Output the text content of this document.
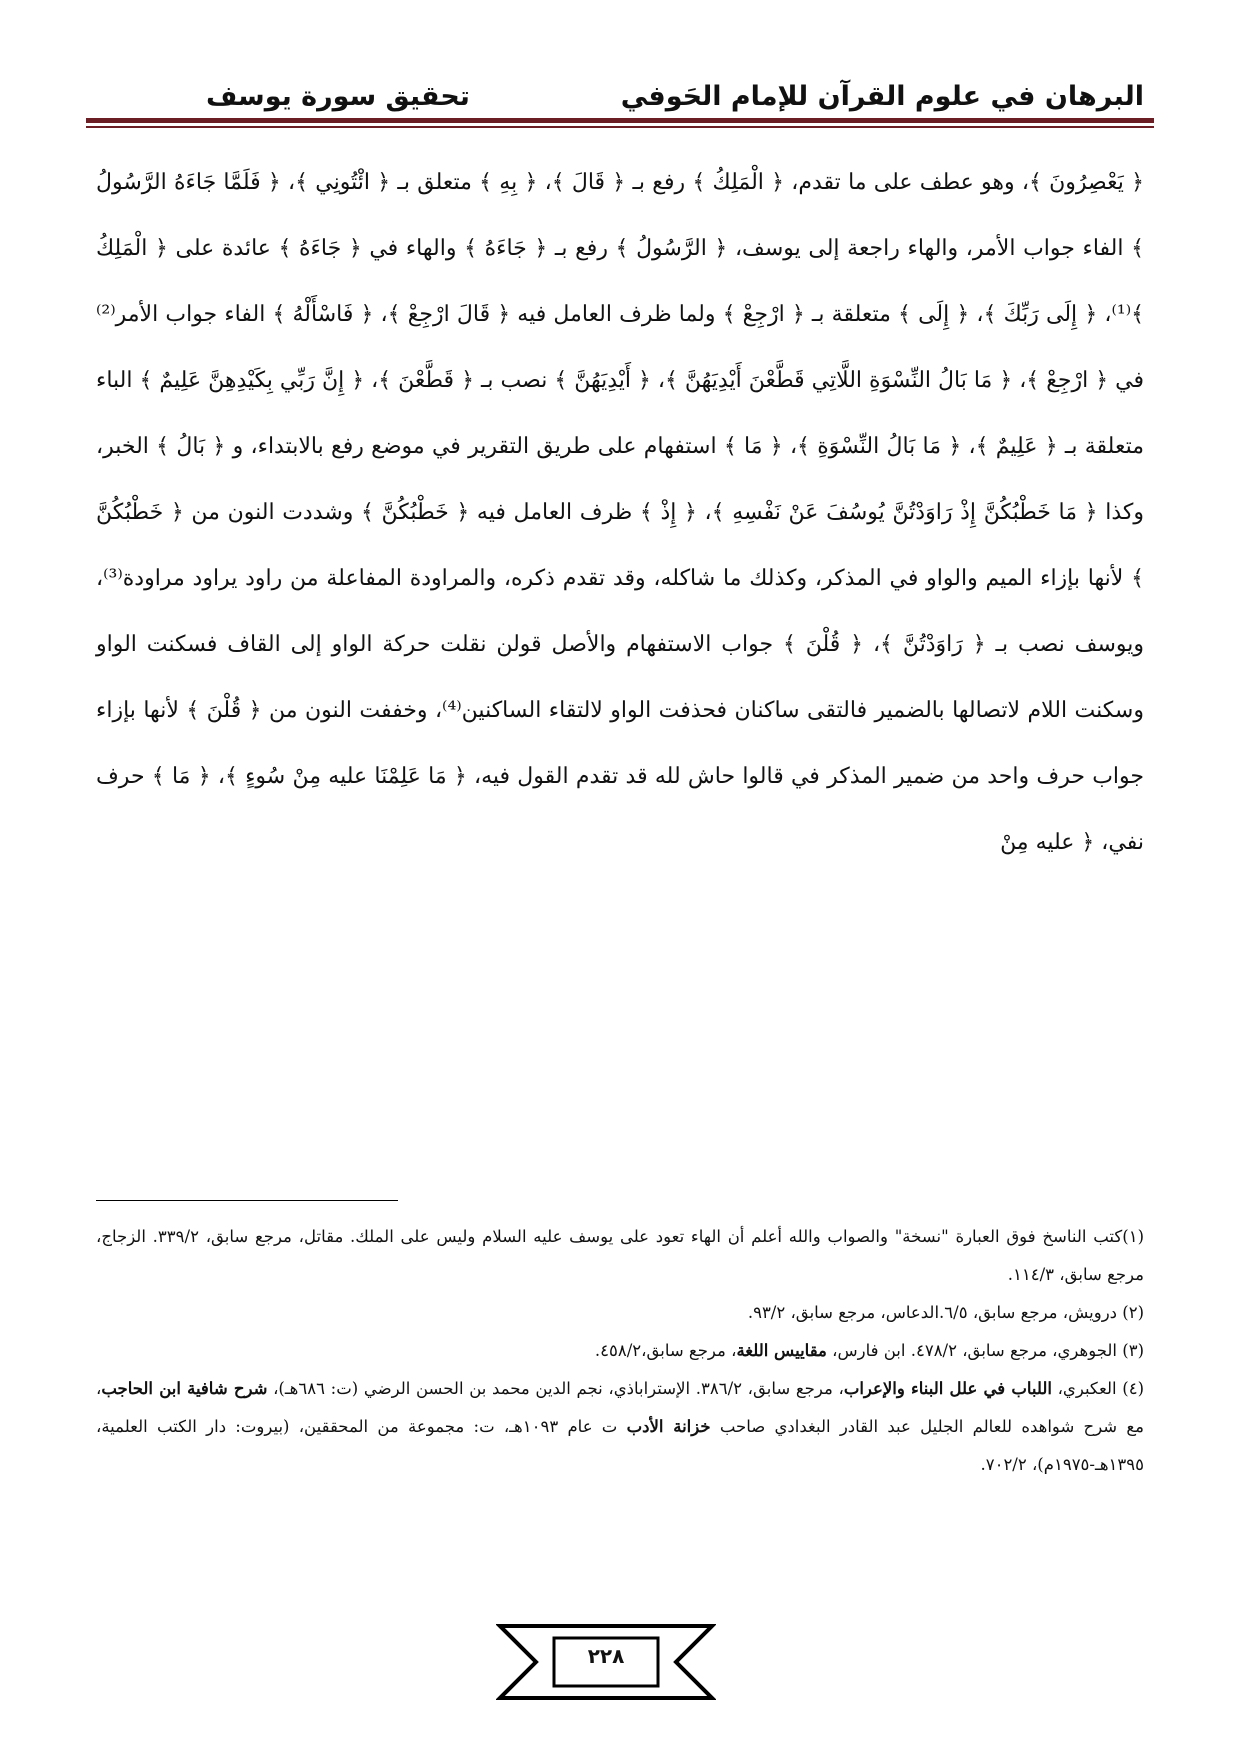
البرهان في علوم القرآن للإمام الحَوفي
تحقيق سورة يوسف

﴿ يَعْصِرُونَ ﴾، وهو عطف على ما تقدم، ﴿ الْمَلِكُ ﴾ رفع بـ ﴿ قَالَ ﴾، ﴿ بِهِ ﴾ متعلق بـ ﴿ ائْتُونِي ﴾، ﴿ فَلَمَّا جَاءَهُ الرَّسُولُ ﴾ الفاء جواب الأمر، والهاء راجعة إلى يوسف، ﴿ الرَّسُولُ ﴾ رفع بـ ﴿ جَاءَهُ ﴾ والهاء في ﴿ جَاءَهُ ﴾ عائدة على ﴿ الْمَلِكُ ﴾⁽¹⁾، ﴿ إِلَى رَبِّكَ ﴾، ﴿ إِلَى ﴾ متعلقة بـ ﴿ ارْجِعْ ﴾ ولما ظرف العامل فيه ﴿ قَالَ ارْجِعْ ﴾، ﴿ فَاسْأَلْهُ ﴾ الفاء جواب الأمر⁽²⁾ في ﴿ ارْجِعْ ﴾، ﴿ مَا بَالُ النِّسْوَةِ اللَّاتِي قَطَّعْنَ أَيْدِيَهُنَّ ﴾، ﴿ أَيْدِيَهُنَّ ﴾ نصب بـ ﴿ قَطَّعْنَ ﴾، ﴿ إِنَّ رَبِّي بِكَيْدِهِنَّ عَلِيمٌ ﴾ الباء متعلقة بـ ﴿ عَلِيمٌ ﴾، ﴿ مَا بَالُ النِّسْوَةِ ﴾، ﴿ مَا ﴾ استفهام على طريق التقرير في موضع رفع بالابتداء، و ﴿ بَالُ ﴾ الخبر، وكذا ﴿ مَا خَطْبُكُنَّ إِذْ رَاوَدْتُنَّ يُوسُفَ عَنْ نَفْسِهِ ﴾، ﴿ إِذْ ﴾ ظرف العامل فيه ﴿ خَطْبُكُنَّ ﴾ وشددت النون من ﴿ خَطْبُكُنَّ ﴾ لأنها بإزاء الميم والواو في المذكر، وكذلك ما شاكله، وقد تقدم ذكره، والمراودة المفاعلة من راود يراود مراودة⁽³⁾، ويوسف نصب بـ ﴿ رَاوَدْتُنَّ ﴾، ﴿ قُلْنَ ﴾ جواب الاستفهام والأصل قولن نقلت حركة الواو إلى القاف فسكنت الواو وسكنت اللام لاتصالها بالضمير فالتقى ساكنان فحذفت الواو لالتقاء الساكنين⁽⁴⁾، وخففت النون من ﴿ قُلْنَ ﴾ لأنها بإزاء جواب حرف واحد من ضمير المذكر في قالوا حاش لله قد تقدم القول فيه، ﴿ مَا عَلِمْنَا عليه مِنْ سُوءٍ ﴾، ﴿ مَا ﴾ حرف نفي، ﴿ عليه مِنْ

(١)كتب الناسخ فوق العبارة "نسخة" والصواب والله أعلم أن الهاء تعود على يوسف عليه السلام وليس على الملك. مقاتل، مرجع سابق، ٣٣٩/٢. الزجاج، مرجع سابق، ١١٤/٣.

(٢) درويش، مرجع سابق، ٦/٥.الدعاس، مرجع سابق، ٩٣/٢.

(٣) الجوهري، مرجع سابق، ٤٧٨/٢. ابن فارس، مقاييس اللغة، مرجع سابق،٤٥٨/٢.

(٤) العكبري، اللباب في علل البناء والإعراب، مرجع سابق، ٣٨٦/٢. الإستراباذي، نجم الدين محمد بن الحسن الرضي (ت: ٦٨٦هـ)، شرح شافية ابن الحاجب، مع شرح شواهده للعالم الجليل عبد القادر البغدادي صاحب خزانة الأدب ت عام ١٠٩٣هـ، ت: مجموعة من المحققين، (بيروت: دار الكتب العلمية، ١٣٩٥هـ-١٩٧٥م)، ٧٠٢/٢.

٢٢٨
